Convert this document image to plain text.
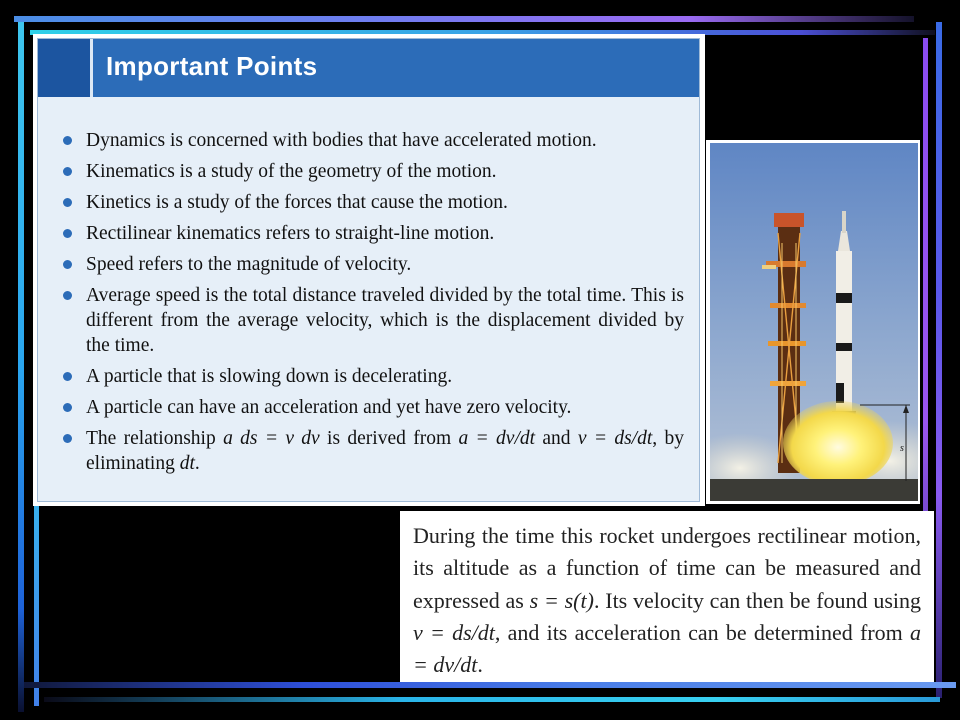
Important Points
Dynamics is concerned with bodies that have accelerated motion.
Kinematics is a study of the geometry of the motion.
Kinetics is a study of the forces that cause the motion.
Rectilinear kinematics refers to straight-line motion.
Speed refers to the magnitude of velocity.
Average speed is the total distance traveled divided by the total time. This is different from the average velocity, which is the displacement divided by the time.
A particle that is slowing down is decelerating.
A particle can have an acceleration and yet have zero velocity.
The relationship a ds = v dv is derived from a = dv/dt and v = ds/dt, by eliminating dt.
s

During the time this rocket undergoes rectilinear motion, its altitude as a function of time can be measured and expressed as s = s(t). Its velocity can then be found using v = ds/dt, and its acceleration can be determined from a = dv/dt.
